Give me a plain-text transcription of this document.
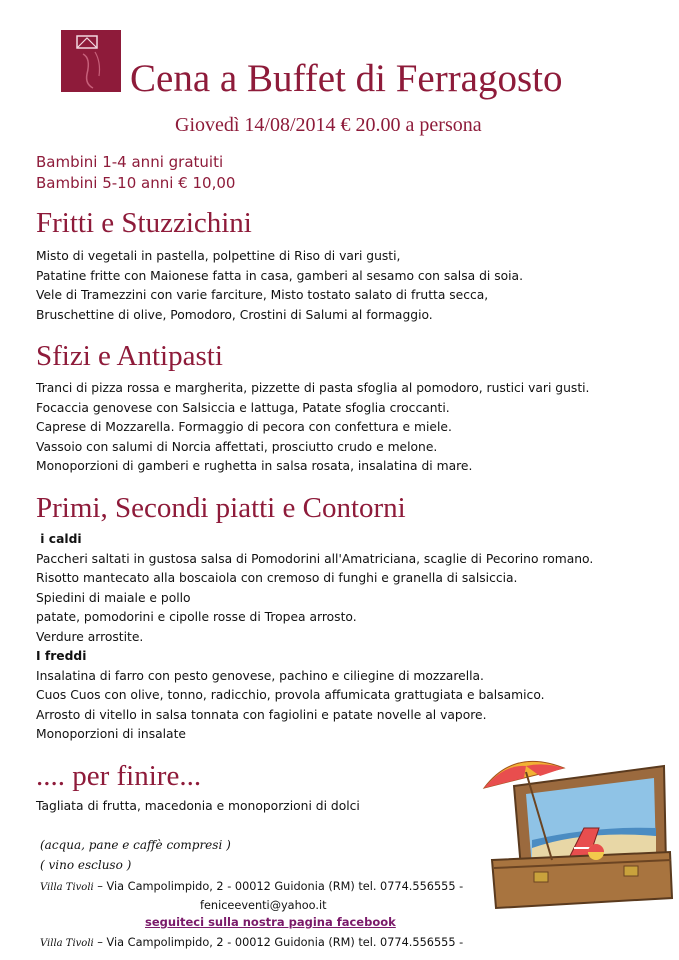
Cena a Buffet di Ferragosto
Giovedì 14/08/2014 € 20.00 a persona
Bambini 1-4 anni gratuiti
Bambini 5-10 anni € 10,00
Fritti e Stuzzichini
Misto di vegetali in pastella, polpettine di Riso di vari gusti,
Patatine fritte con Maionese fatta in casa, gamberi al sesamo con salsa di soia.
Vele di Tramezzini con varie farciture, Misto tostato salato di frutta secca,
Bruschettine di olive, Pomodoro, Crostini di Salumi al formaggio.
Sfizi e Antipasti
Tranci di pizza rossa e margherita, pizzette di pasta sfoglia al pomodoro, rustici vari gusti.
Focaccia genovese con Salsiccia e lattuga, Patate sfoglia croccanti.
Caprese di Mozzarella. Formaggio di pecora con confettura e miele.
Vassoio con salumi di Norcia affettati, prosciutto crudo e melone.
Monoporzioni di gamberi e rughetta in salsa rosata, insalatina di mare.
Primi, Secondi piatti e Contorni
i caldi
Paccheri saltati in gustosa salsa di Pomodorini all'Amatriciana, scaglie di Pecorino romano.
Risotto mantecato alla boscaiola con cremoso di funghi e granella di salsiccia.
Spiedini di maiale e pollo
patate, pomodorini e cipolle rosse di Tropea arrosto.
Verdure arrostite.
I freddi
Insalatina di farro con pesto genovese, pachino e ciliegine di mozzarella.
Cuos Cuos con olive, tonno, radicchio, provola affumicata grattugiata e balsamico.
Arrosto di vitello in salsa tonnata con fagiolini e patate novelle al vapore.
Monoporzioni di insalate
.... per finire...
Tagliata di frutta, macedonia e monoporzioni di dolci
(acqua, pane e caffè compresi )
( vino escluso )
Villa Tivoli – Via Campolimpido, 2 - 00012 Guidonia (RM) tel. 0774.556555 -
feniceeventi@yahoo.it
seguiteci sulla nostra pagina facebook
Villa Tivoli – Via Campolimpido, 2 - 00012 Guidonia (RM) tel. 0774.556555 -
